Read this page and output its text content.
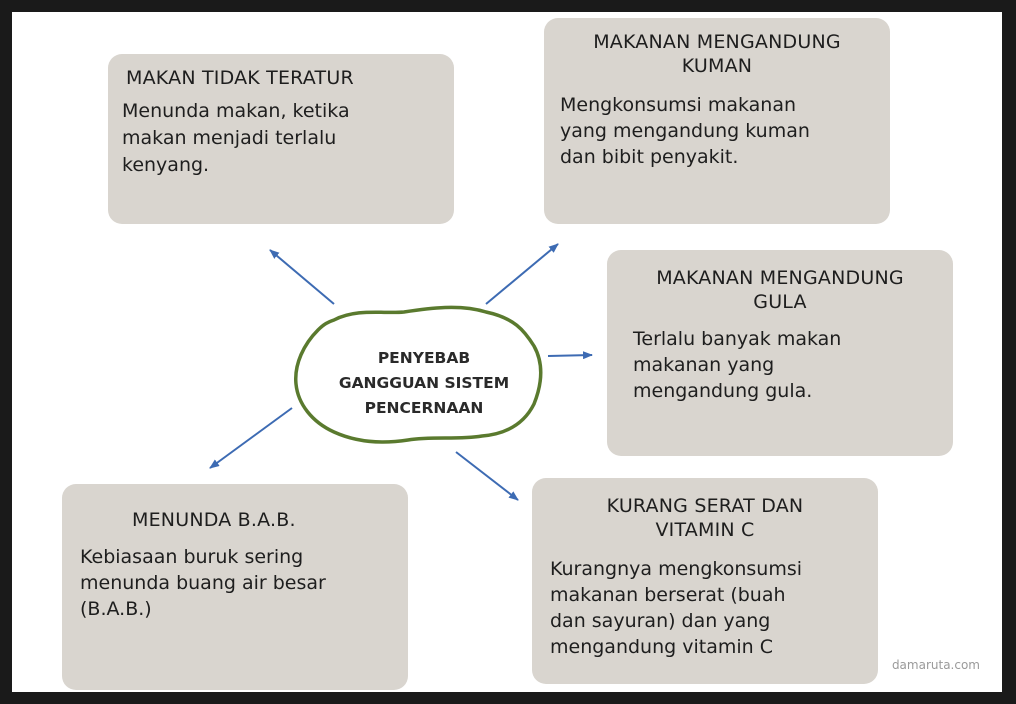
MAKAN TIDAK TERATUR
Menunda makan, ketika
makan menjadi terlalu
kenyang.
MAKANAN MENGANDUNG
KUMAN
Mengkonsumsi makanan
yang mengandung kuman
dan bibit penyakit.
MAKANAN MENGANDUNG
GULA
Terlalu banyak makan
makanan yang
mengandung gula.
MENUNDA B.A.B.
Kebiasaan buruk sering
menunda buang air besar
(B.A.B.)
KURANG SERAT DAN
VITAMIN C
Kurangnya mengkonsumsi
makanan berserat (buah
dan sayuran) dan yang
mengandung vitamin C
PENYEBAB
GANGGUAN SISTEM
PENCERNAAN
damaruta.com
